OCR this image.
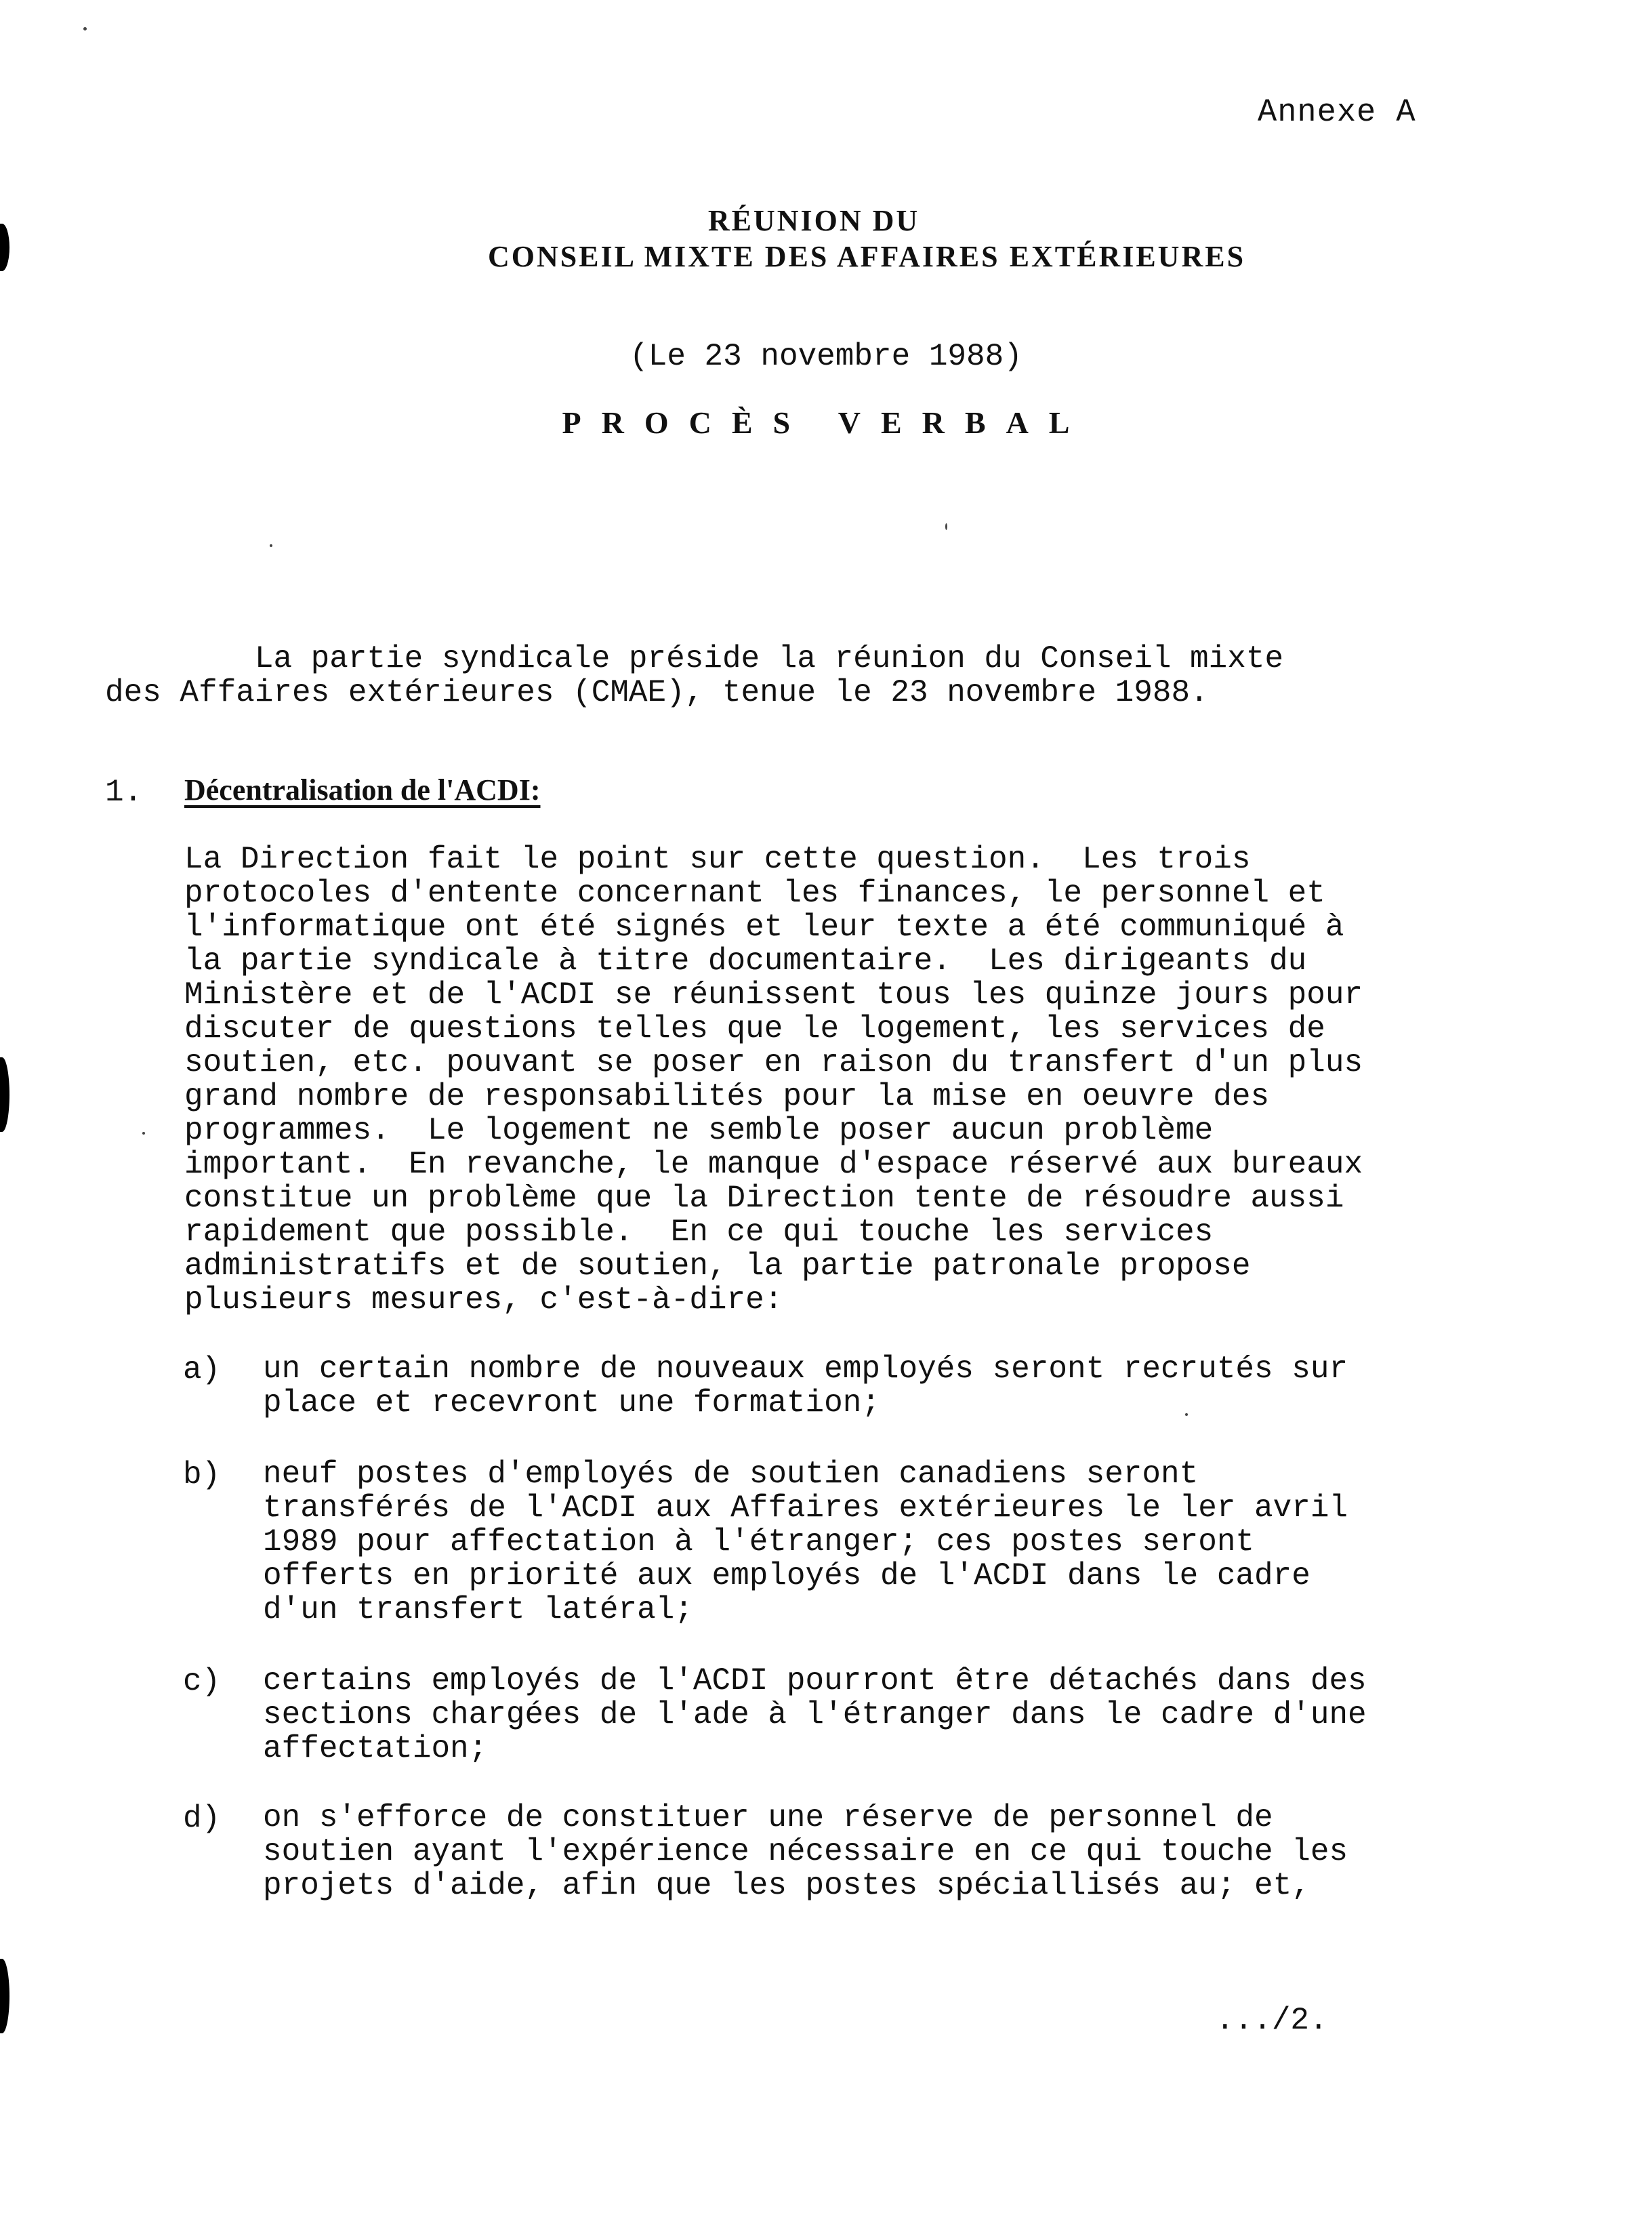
Annexe A

RÉUNION DU
CONSEIL MIXTE DES AFFAIRES EXTÉRIEURES

(Le 23 novembre 1988)

PROCÈS VERBAL

La partie syndicale préside la réunion du Conseil mixte
des Affaires extérieures (CMAE), tenue le 23 novembre 1988.

1. Décentralisation de l'ACDI:

La Direction fait le point sur cette question.  Les trois
protocoles d'entente concernant les finances, le personnel et
l'informatique ont été signés et leur texte a été communiqué à
la partie syndicale à titre documentaire.  Les dirigeants du
Ministère et de l'ACDI se réunissent tous les quinze jours pour
discuter de questions telles que le logement, les services de
soutien, etc. pouvant se poser en raison du transfert d'un plus
grand nombre de responsabilités pour la mise en oeuvre des
programmes.  Le logement ne semble poser aucun problème
important.  En revanche, le manque d'espace réservé aux bureaux
constitue un problème que la Direction tente de résoudre aussi
rapidement que possible.  En ce qui touche les services
administratifs et de soutien, la partie patronale propose
plusieurs mesures, c'est-à-dire:

a) un certain nombre de nouveaux employés seront recrutés sur
place et recevront une formation;

b) neuf postes d'employés de soutien canadiens seront
transférés de l'ACDI aux Affaires extérieures le ler avril
1989 pour affectation à l'étranger; ces postes seront
offerts en priorité aux employés de l'ACDI dans le cadre
d'un transfert latéral;

c) certains employés de l'ACDI pourront être détachés dans des
sections chargées de l'ade à l'étranger dans le cadre d'une
affectation;

d) on s'efforce de constituer une réserve de personnel de
soutien ayant l'expérience nécessaire en ce qui touche les
projets d'aide, afin que les postes spéciallisés au; et,

.../2.
